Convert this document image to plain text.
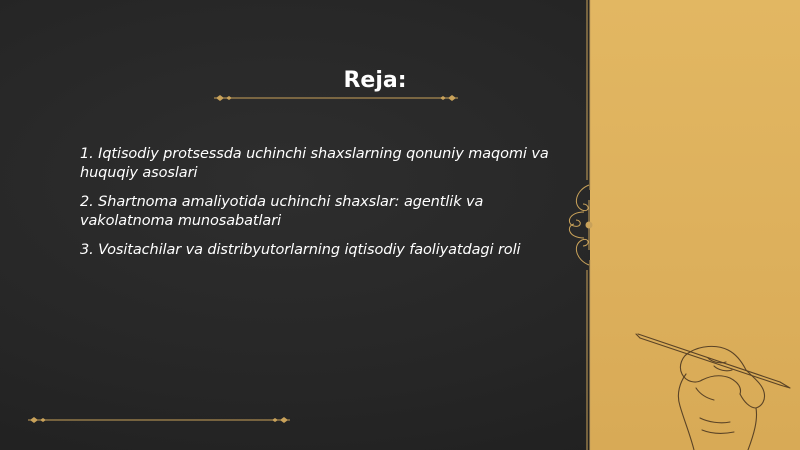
Reja:
1. Iqtisodiy protsessda uchinchi shaxslarning qonuniy maqomi va huquqiy asoslari
2. Shartnoma amaliyotida uchinchi shaxslar: agentlik va vakolatnoma munosabatlari
3. Vositachilar va distribyutorlarning iqtisodiy faoliyatdagi roli
